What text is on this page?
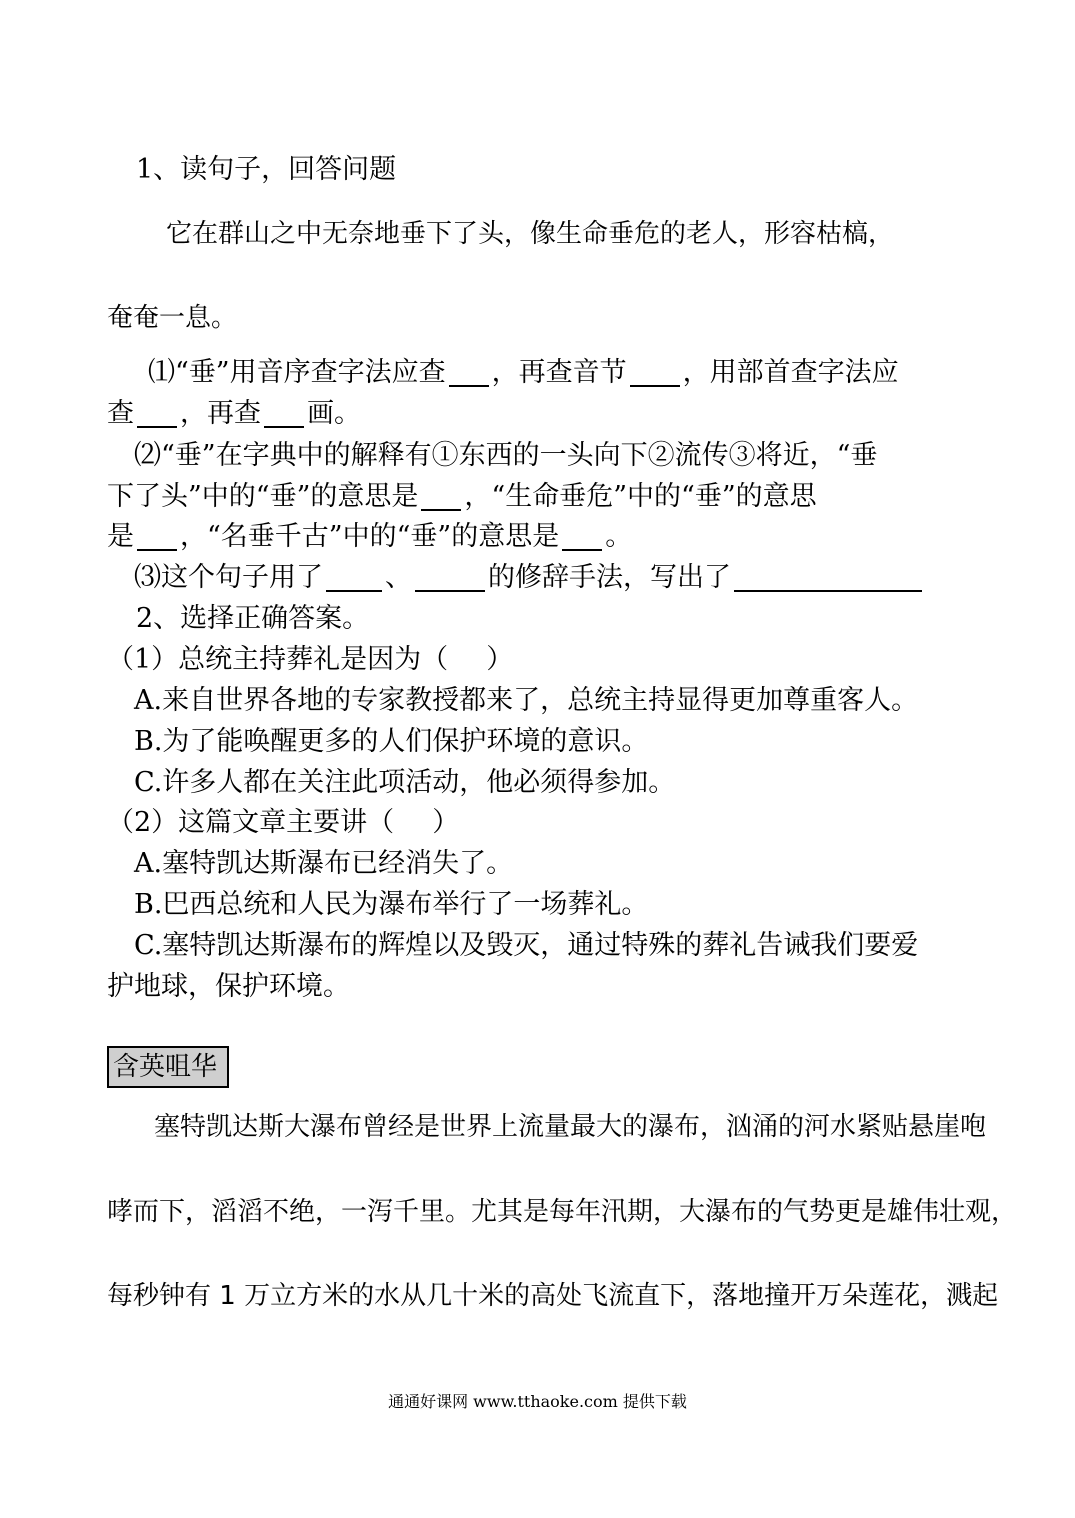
1、读句子，回答问题
它在群山之中无奈地垂下了头，像生命垂危的老人，形容枯槁，
奄奄一息。
⑴“垂”用音序查字法应查 ，再查音节 ，用部首查字法应
查 ，再查 画。
⑵“垂”在字典中的解释有①东西的一头向下②流传③将近，“垂
下了头”中的“垂”的意思是 ，“生命垂危”中的“垂”的意思
是 ，“名垂千古”中的“垂”的意思是 。
⑶这个句子用了 、	的修辞手法，写出了
2、选择正确答案。
（1）总统主持葬礼是因为（ ）
A.来自世界各地的专家教授都来了，总统主持显得更加尊重客人。
B.为了能唤醒更多的人们保护环境的意识。
C.许多人都在关注此项活动，他必须得参加。
（2）这篇文章主要讲（ ）
A.塞特凯达斯瀑布已经消失了。
B.巴西总统和人民为瀑布举行了一场葬礼。
C.塞特凯达斯瀑布的辉煌以及毁灭，通过特殊的葬礼告诫我们要爱
护地球，保护环境。
含英咀华
塞特凯达斯大瀑布曾经是世界上流量最大的瀑布，汹涌的河水紧贴悬崖咆
哮而下，滔滔不绝，一泻千里。尤其是每年汛期，大瀑布的气势更是雄伟壮观，
每秒钟有 1 万立方米的水从几十米的高处飞流直下，落地撞开万朵莲花，溅起
通通好课网 www.tthaoke.com 提供下载
